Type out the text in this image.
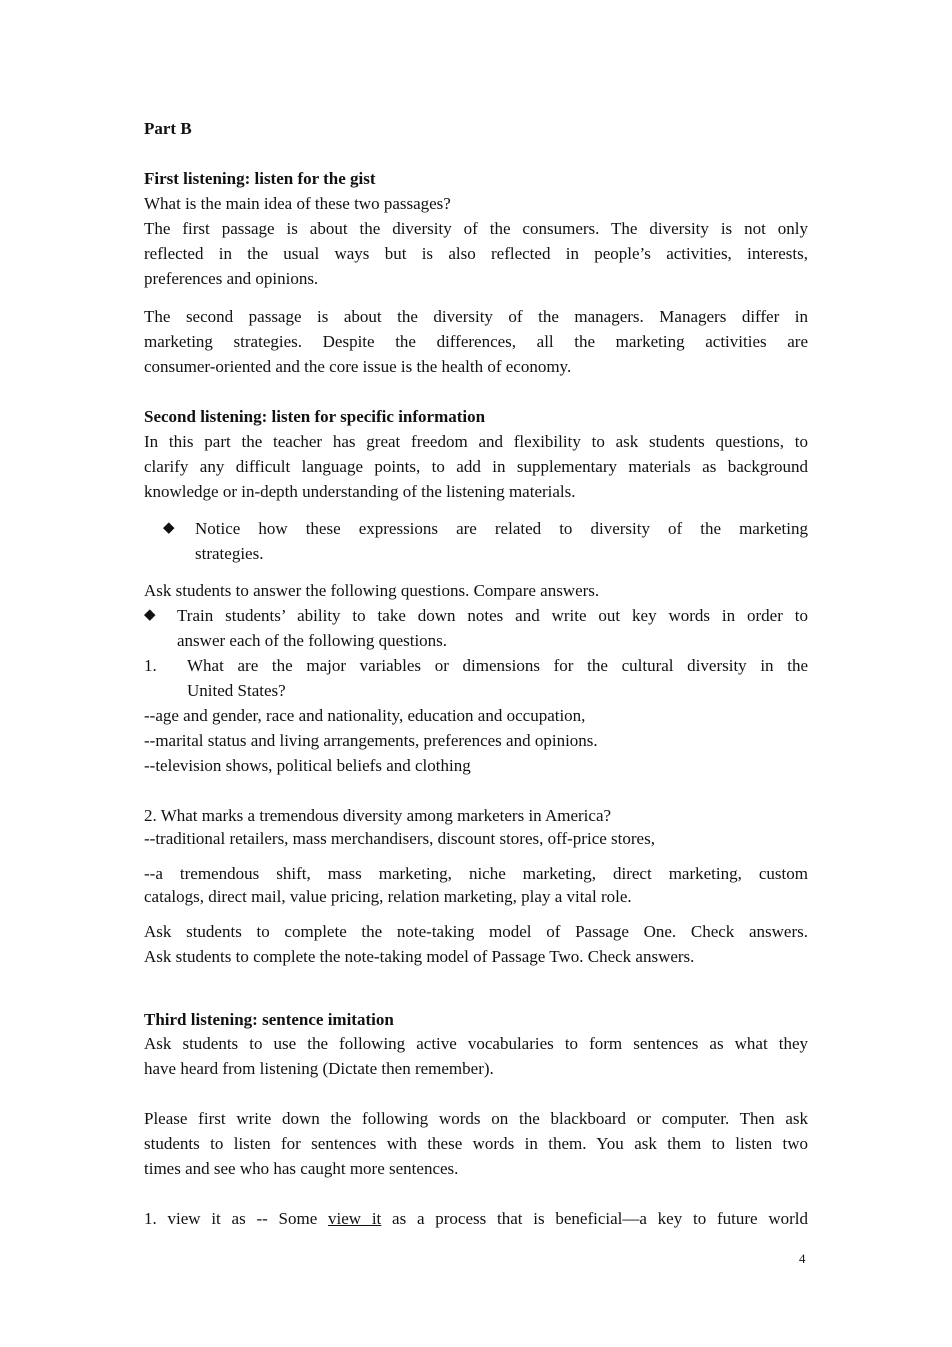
Part B
First listening: listen for the gist
What is the main idea of these two passages?
The first passage is about the diversity of the consumers. The diversity is not only
reflected in the usual ways but is also reflected in people’s activities, interests,
preferences and opinions.
The second passage is about the diversity of the managers. Managers differ in
marketing strategies. Despite the differences, all the marketing activities are
consumer-oriented and the core issue is the health of economy.
Second listening: listen for specific information
In this part the teacher has great freedom and flexibility to ask students questions, to
clarify any difficult language points, to add in supplementary materials as background
knowledge or in-depth understanding of the listening materials.
◆ Notice how these expressions are related to diversity of the marketing
strategies.
Ask students to answer the following questions. Compare answers.
◆ Train students’ ability to take down notes and write out key words in order to
answer each of the following questions.
1. What are the major variables or dimensions for the cultural diversity in the
United States?
--age and gender, race and nationality, education and occupation,
--marital status and living arrangements, preferences and opinions.
--television shows, political beliefs and clothing
2. What marks a tremendous diversity among marketers in America?
--traditional retailers, mass merchandisers, discount stores, off-price stores,
--a tremendous shift, mass marketing, niche marketing, direct marketing, custom
catalogs, direct mail, value pricing, relation marketing, play a vital role.
Ask students to complete the note-taking model of Passage One. Check answers.
Ask students to complete the note-taking model of Passage Two. Check answers.
Third listening: sentence imitation
Ask students to use the following active vocabularies to form sentences as what they
have heard from listening (Dictate then remember).
Please first write down the following words on the blackboard or computer. Then ask
students to listen for sentences with these words in them. You ask them to listen two
times and see who has caught more sentences.
1. view it as -- Some view it as a process that is beneficial—a key to future world
4
